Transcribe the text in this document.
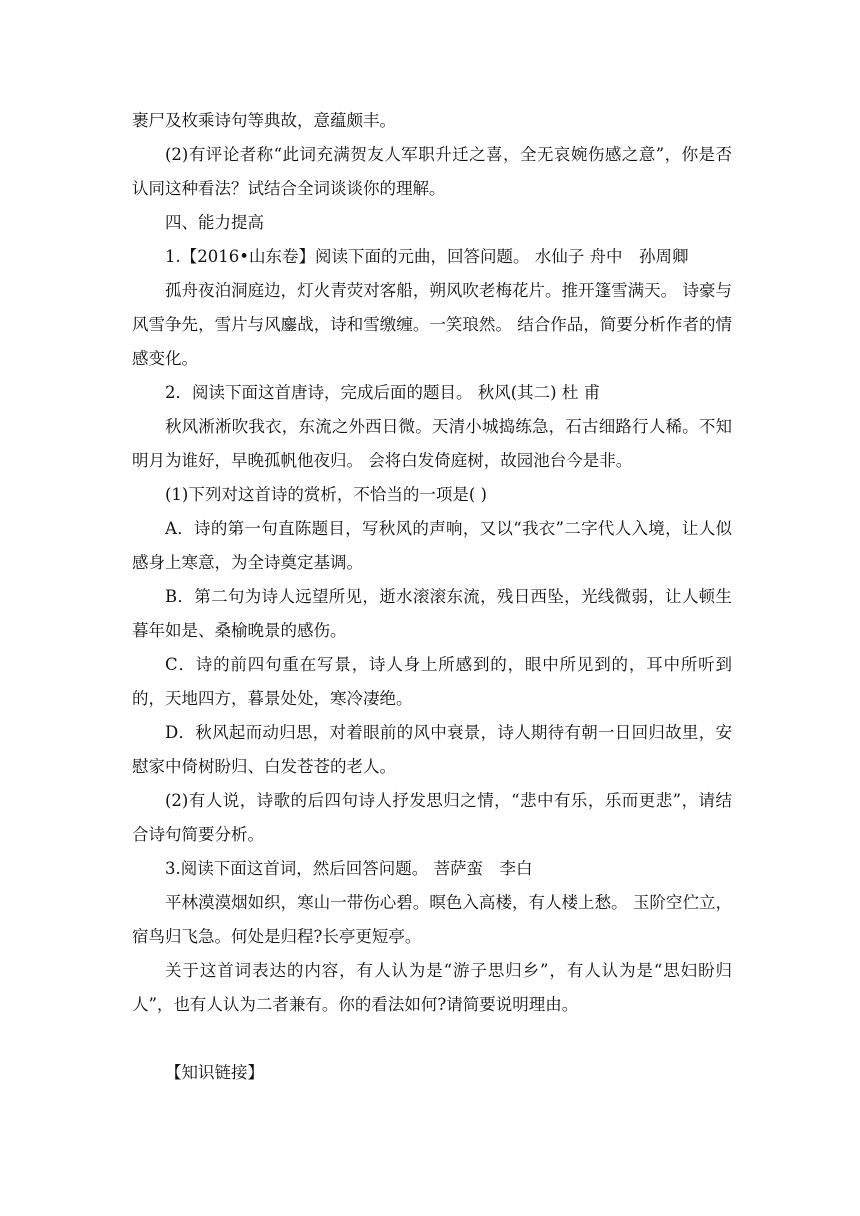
裹尸及枚乘诗句等典故，意蕴颇丰。

(2)有评论者称“此词充满贺友人军职升迁之喜，全无哀婉伤感之意”，你是否认同这种看法？试结合全词谈谈你的理解。

四、能力提高

1.【2016•山东卷】阅读下面的元曲，回答问题。 水仙子 舟中　孙周卿

孤舟夜泊洞庭边，灯火青荧对客船，朔风吹老梅花片。推开篷雪满天。 诗豪与风雪争先，雪片与风鏖战，诗和雪缴缠。一笑琅然。 结合作品，简要分析作者的情感变化。

2．阅读下面这首唐诗，完成后面的题目。 秋风(其二) 杜 甫

秋风淅淅吹我衣，东流之外西日微。天清小城捣练急，石古细路行人稀。不知明月为谁好，早晚孤帆他夜归。 会将白发倚庭树，故园池台今是非。

(1)下列对这首诗的赏析，不恰当的一项是( )

A．诗的第一句直陈题目，写秋风的声响，又以“我衣”二字代人入境，让人似感身上寒意，为全诗奠定基调。

B．第二句为诗人远望所见，逝水滚滚东流，残日西坠，光线微弱，让人顿生暮年如是、桑榆晚景的感伤。

C．诗的前四句重在写景，诗人身上所感到的，眼中所见到的，耳中所听到的，天地四方，暮景处处，寒冷凄绝。

D．秋风起而动归思，对着眼前的风中衰景，诗人期待有朝一日回归故里，安慰家中倚树盼归、白发苍苍的老人。

(2)有人说，诗歌的后四句诗人抒发思归之情，“悲中有乐，乐而更悲”，请结合诗句简要分析。

3.阅读下面这首词，然后回答问题。 菩萨蛮　李白

平林漠漠烟如织，寒山一带伤心碧。暝色入高楼，有人楼上愁。 玉阶空伫立，宿鸟归飞急。何处是归程?长亭更短亭。

关于这首词表达的内容，有人认为是“游子思归乡”，有人认为是“思妇盼归人”，也有人认为二者兼有。你的看法如何?请简要说明理由。

【知识链接】
